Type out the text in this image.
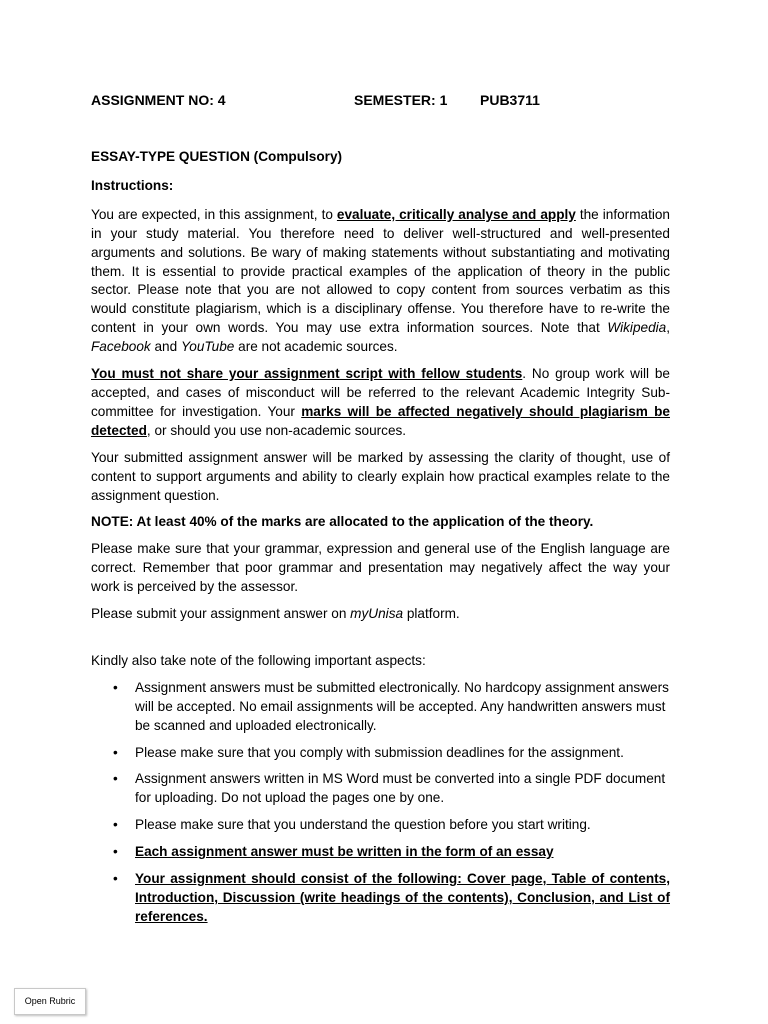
ASSIGNMENT NO: 4	SEMESTER: 1 PUB3711

ESSAY-TYPE QUESTION (Compulsory)

Instructions:

You are expected, in this assignment, to evaluate, critically analyse and apply the information in your study material. You therefore need to deliver well-structured and well-presented arguments and solutions. Be wary of making statements without substantiating and motivating them. It is essential to provide practical examples of the application of theory in the public sector. Please note that you are not allowed to copy content from sources verbatim as this would constitute plagiarism, which is a disciplinary offense. You therefore have to re-write the content in your own words. You may use extra information sources. Note that Wikipedia, Facebook and YouTube are not academic sources.

You must not share your assignment script with fellow students. No group work will be accepted, and cases of misconduct will be referred to the relevant Academic Integrity Sub-committee for investigation. Your marks will be affected negatively should plagiarism be detected, or should you use non-academic sources.

Your submitted assignment answer will be marked by assessing the clarity of thought, use of content to support arguments and ability to clearly explain how practical examples relate to the assignment question.

NOTE: At least 40% of the marks are allocated to the application of the theory.

Please make sure that your grammar, expression and general use of the English language are correct. Remember that poor grammar and presentation may negatively affect the way your work is perceived by the assessor.

Please submit your assignment answer on myUnisa platform.

Kindly also take note of the following important aspects:

• Assignment answers must be submitted electronically. No hardcopy assignment answers will be accepted. No email assignments will be accepted. Any handwritten answers must be scanned and uploaded electronically.
• Please make sure that you comply with submission deadlines for the assignment.
• Assignment answers written in MS Word must be converted into a single PDF document for uploading. Do not upload the pages one by one.
• Please make sure that you understand the question before you start writing.
• Each assignment answer must be written in the form of an essay
• Your assignment should consist of the following: Cover page, Table of contents, Introduction, Discussion (write headings of the contents), Conclusion, and List of references.
Open Rubric
